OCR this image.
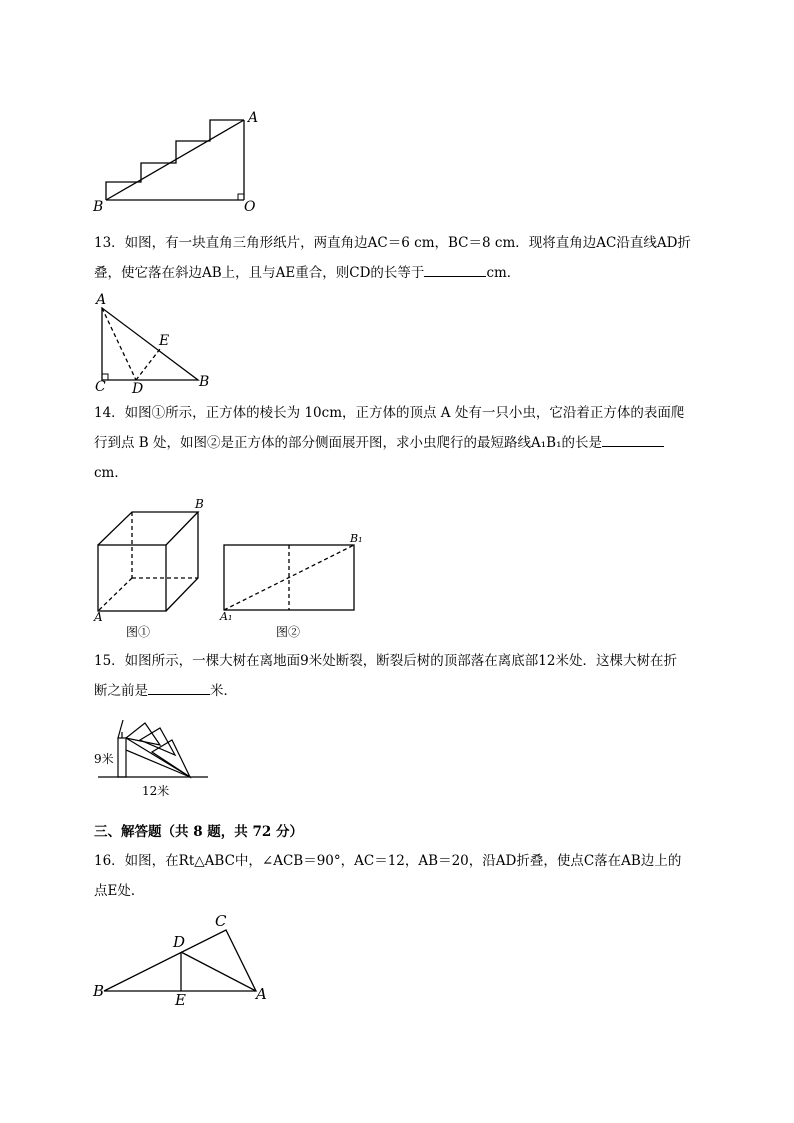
A
B	O
13．如图，有一块直角三角形纸片，两直角边AC＝6 cm，BC＝8 cm．现将直角边AC沿直线AD折
叠，使它落在斜边AB上，且与AE重合，则CD的长等于	cm．
A
E
C D	B
14．如图①所示，正方体的棱长为 10cm，正方体的顶点 A 处有一只小虫，它沿着正方体的表面爬
行到点 B 处，如图②是正方体的部分侧面展开图，求小虫爬行的最短路线A₁B₁的长是
cm．
B
A
B₁
A₁
图①	图②
15．如图所示，一棵大树在离地面9米处断裂，断裂后树的顶部落在离底部12米处．这棵大树在折
断之前是	米．
9米
12米
三、解答题（共 8 题，共 72 分）
16．如图，在Rt△ABC中，∠ACB＝90°，AC＝12，AB＝20，沿AD折叠，使点C落在AB边上的
点E处．
C
D
B	E	A
